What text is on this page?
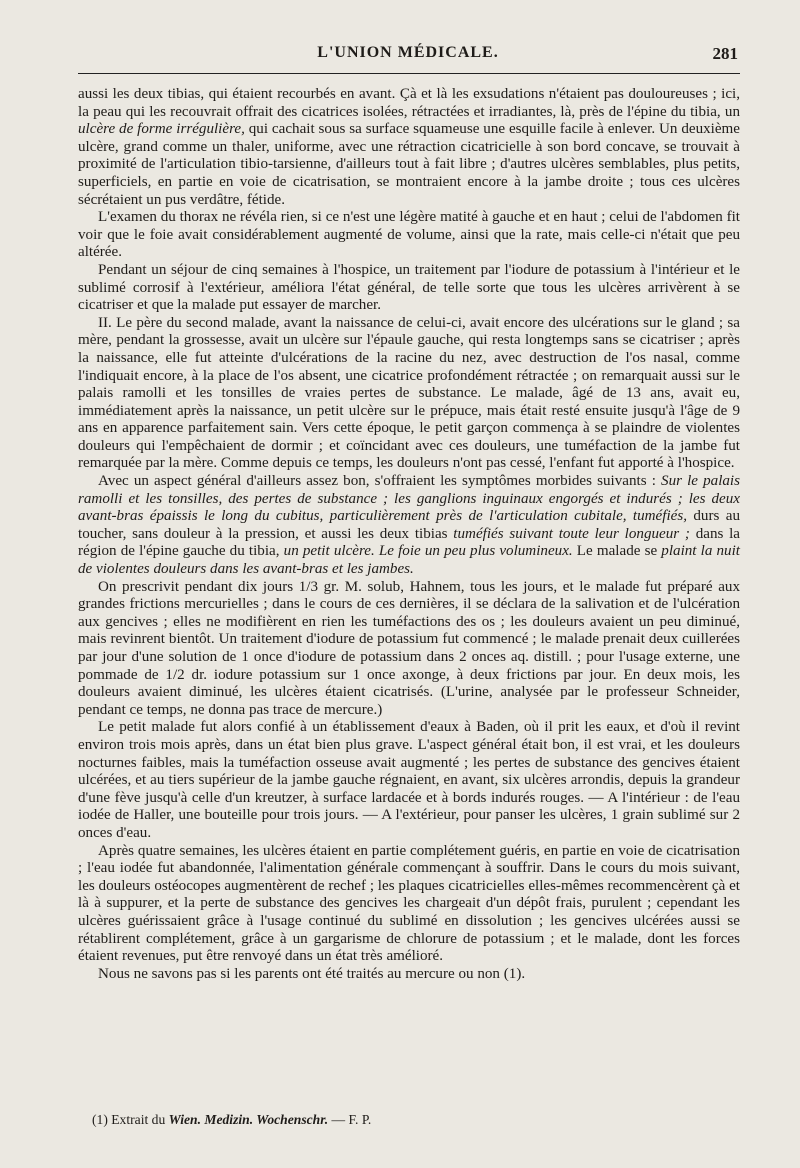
L'UNION MÉDICALE.	281

aussi les deux tibias, qui étaient recourbés en avant. Çà et là les exsudations n'étaient pas douloureuses ; ici, la peau qui les recouvrait offrait des cicatrices isolées, rétractées et irradiantes, là, près de l'épine du tibia, un ulcère de forme irrégulière, qui cachait sous sa surface squameuse une esquille facile à enlever. Un deuxième ulcère, grand comme un thaler, uniforme, avec une rétraction cicatricielle à son bord concave, se trouvait à proximité de l'articulation tibio-tarsienne, d'ailleurs tout à fait libre ; d'autres ulcères semblables, plus petits, superficiels, en partie en voie de cicatrisation, se montraient encore à la jambe droite ; tous ces ulcères sécrétaient un pus verdâtre, fétide.

L'examen du thorax ne révéla rien, si ce n'est une légère matité à gauche et en haut ; celui de l'abdomen fit voir que le foie avait considérablement augmenté de volume, ainsi que la rate, mais celle-ci n'était que peu altérée.

Pendant un séjour de cinq semaines à l'hospice, un traitement par l'iodure de potassium à l'intérieur et le sublimé corrosif à l'extérieur, améliora l'état général, de telle sorte que tous les ulcères arrivèrent à se cicatriser et que la malade put essayer de marcher.

II. Le père du second malade, avant la naissance de celui-ci, avait encore des ulcérations sur le gland ; sa mère, pendant la grossesse, avait un ulcère sur l'épaule gauche, qui resta longtemps sans se cicatriser ; après la naissance, elle fut atteinte d'ulcérations de la racine du nez, avec destruction de l'os nasal, comme l'indiquait encore, à la place de l'os absent, une cicatrice profondément rétractée ; on remarquait aussi sur le palais ramolli et les tonsilles de vraies pertes de substance. Le malade, âgé de 13 ans, avait eu, immédiatement après la naissance, un petit ulcère sur le prépuce, mais était resté ensuite jusqu'à l'âge de 9 ans en apparence parfaitement sain. Vers cette époque, le petit garçon commença à se plaindre de violentes douleurs qui l'empêchaient de dormir ; et coïncidant avec ces douleurs, une tuméfaction de la jambe fut remarquée par la mère. Comme depuis ce temps, les douleurs n'ont pas cessé, l'enfant fut apporté à l'hospice.

Avec un aspect général d'ailleurs assez bon, s'offraient les symptômes morbides suivants : Sur le palais ramolli et les tonsilles, des pertes de substance ; les ganglions inguinaux engorgés et indurés ; les deux avant-bras épaissis le long du cubitus, particulièrement près de l'articulation cubitale, tuméfiés, durs au toucher, sans douleur à la pression, et aussi les deux tibias tuméfiés suivant toute leur longueur ; dans la région de l'épine gauche du tibia, un petit ulcère. Le foie un peu plus volumineux. Le malade se plaint la nuit de violentes douleurs dans les avant-bras et les jambes.

On prescrivit pendant dix jours 1/3 gr. M. solub, Hahnem, tous les jours, et le malade fut préparé aux grandes frictions mercurielles ; dans le cours de ces dernières, il se déclara de la salivation et de l'ulcération aux gencives ; elles ne modifièrent en rien les tuméfactions des os ; les douleurs avaient un peu diminué, mais revinrent bientôt. Un traitement d'iodure de potassium fut commencé ; le malade prenait deux cuillerées par jour d'une solution de 1 once d'iodure de potassium dans 2 onces aq. distill. ; pour l'usage externe, une pommade de 1/2 dr. iodure potassium sur 1 once axonge, à deux frictions par jour. En deux mois, les douleurs avaient diminué, les ulcères étaient cicatrisés. (L'urine, analysée par le professeur Schneider, pendant ce temps, ne donna pas trace de mercure.)

Le petit malade fut alors confié à un établissement d'eaux à Baden, où il prit les eaux, et d'où il revint environ trois mois après, dans un état bien plus grave. L'aspect général était bon, il est vrai, et les douleurs nocturnes faibles, mais la tuméfaction osseuse avait augmenté ; les pertes de substance des gencives étaient ulcérées, et au tiers supérieur de la jambe gauche régnaient, en avant, six ulcères arrondis, depuis la grandeur d'une fève jusqu'à celle d'un kreutzer, à surface lardacée et à bords indurés rouges. — A l'intérieur : de l'eau iodée de Haller, une bouteille pour trois jours. — A l'extérieur, pour panser les ulcères, 1 grain sublimé sur 2 onces d'eau.

Après quatre semaines, les ulcères étaient en partie complétement guéris, en partie en voie de cicatrisation ; l'eau iodée fut abandonnée, l'alimentation générale commençant à souffrir. Dans le cours du mois suivant, les douleurs ostéocopes augmentèrent de rechef ; les plaques cicatricielles elles-mêmes recommencèrent çà et là à suppurer, et la perte de substance des gencives les chargeait d'un dépôt frais, purulent ; cependant les ulcères guérissaient grâce à l'usage continué du sublimé en dissolution ; les gencives ulcérées aussi se rétablirent complétement, grâce à un gargarisme de chlorure de potassium ; et le malade, dont les forces étaient revenues, put être renvoyé dans un état très amélioré.

Nous ne savons pas si les parents ont été traités au mercure ou non (1).

(1) Extrait du Wien. Medizin. Wochenschr. — F. P.
